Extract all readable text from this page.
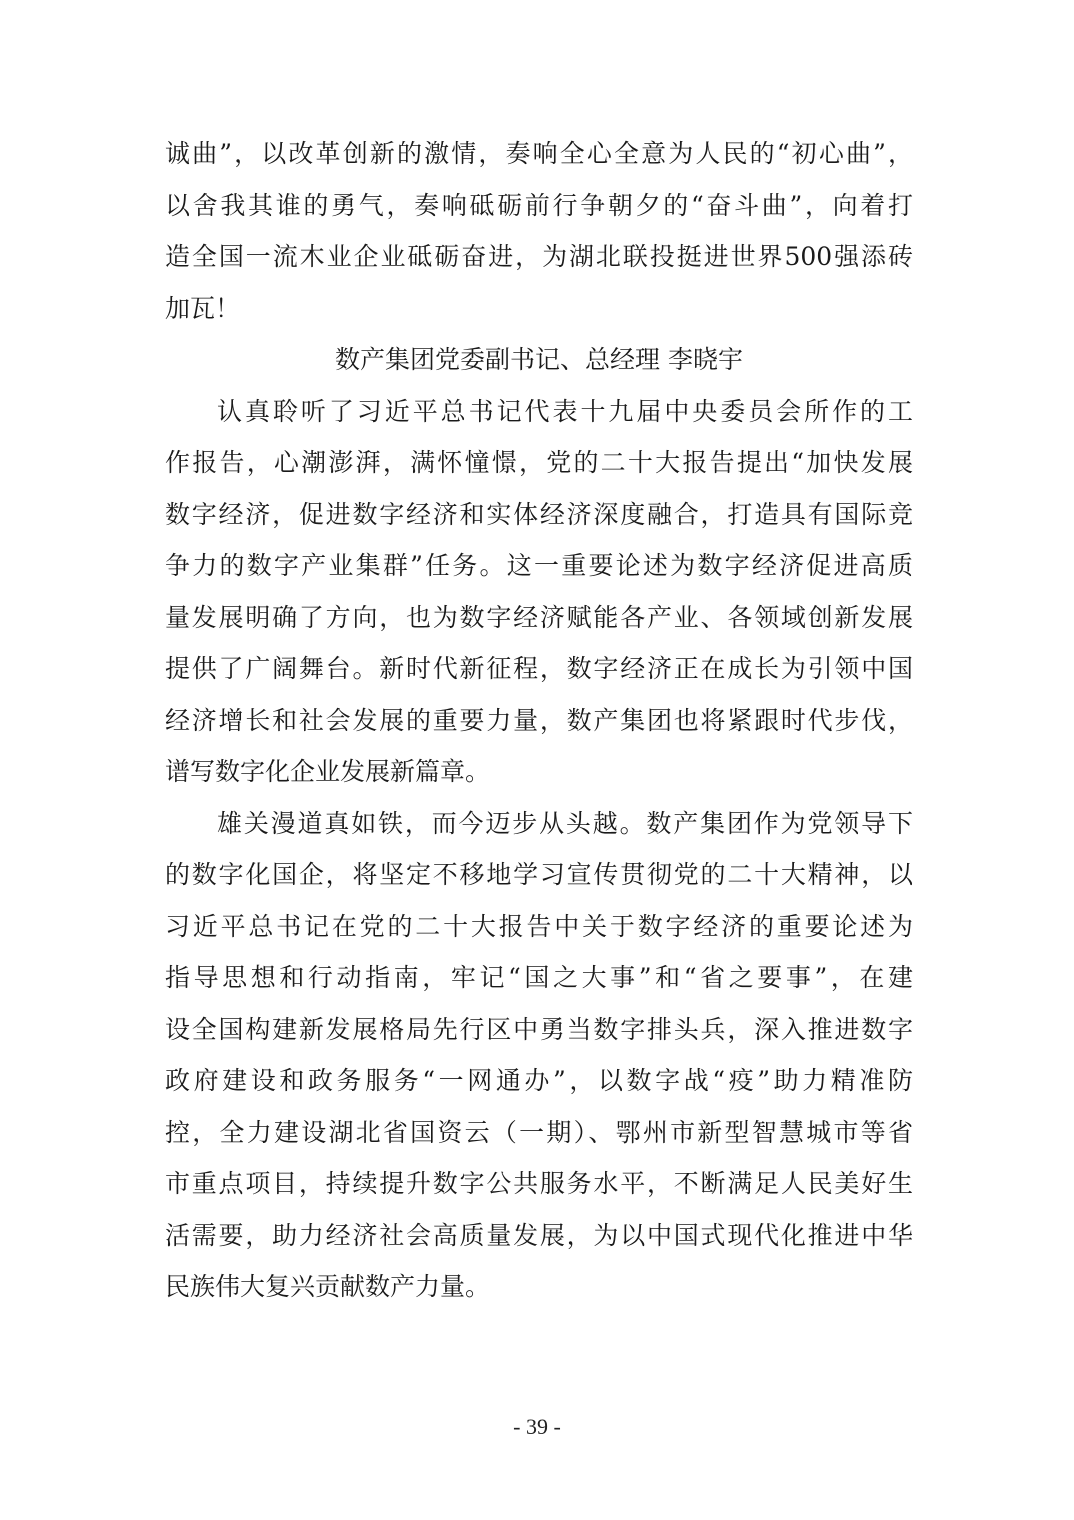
诚曲”，以改革创新的激情，奏响全心全意为人民的“初心曲”，
以舍我其谁的勇气，奏响砥砺前行争朝夕的“奋斗曲”，向着打
造全国一流木业企业砥砺奋进，为湖北联投挺进世界500强添砖
加瓦！
数产集团党委副书记、总经理 李晓宇
认真聆听了习近平总书记代表十九届中央委员会所作的工
作报告，心潮澎湃，满怀憧憬，党的二十大报告提出“加快发展
数字经济，促进数字经济和实体经济深度融合，打造具有国际竞
争力的数字产业集群”任务。这一重要论述为数字经济促进高质
量发展明确了方向，也为数字经济赋能各产业、各领域创新发展
提供了广阔舞台。新时代新征程，数字经济正在成长为引领中国
经济增长和社会发展的重要力量，数产集团也将紧跟时代步伐，
谱写数字化企业发展新篇章。
雄关漫道真如铁，而今迈步从头越。数产集团作为党领导下
的数字化国企，将坚定不移地学习宣传贯彻党的二十大精神，以
习近平总书记在党的二十大报告中关于数字经济的重要论述为
指导思想和行动指南，牢记“国之大事”和“省之要事”，在建
设全国构建新发展格局先行区中勇当数字排头兵，深入推进数字
政府建设和政务服务“一网通办”，以数字战“疫”助力精准防
控，全力建设湖北省国资云（一期）、鄂州市新型智慧城市等省
市重点项目，持续提升数字公共服务水平，不断满足人民美好生
活需要，助力经济社会高质量发展，为以中国式现代化推进中华
民族伟大复兴贡献数产力量。
- 39 -
